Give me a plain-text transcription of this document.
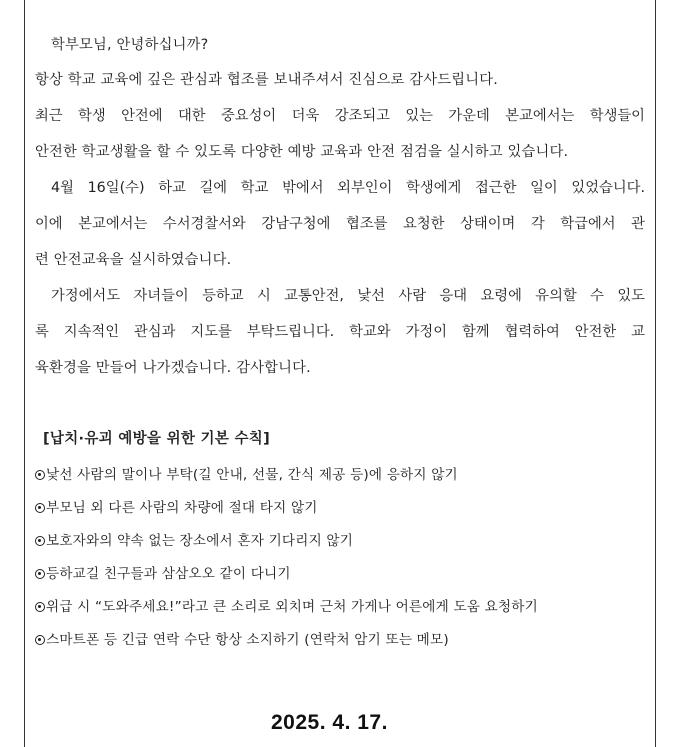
학부모님, 안녕하십니까?
항상 학교 교육에 깊은 관심과 협조를 보내주셔서 진심으로 감사드립니다.
최근 학생 안전에 대한 중요성이 더욱 강조되고 있는 가운데 본교에서는 학생들이
안전한 학교생활을 할 수 있도록 다양한 예방 교육과 안전 점검을 실시하고 있습니다.
4월 16일(수) 하교 길에 학교 밖에서 외부인이 학생에게 접근한 일이 있었습니다.
이에 본교에서는 수서경찰서와 강남구청에 협조를 요청한 상태이며 각 학급에서 관
련 안전교육을 실시하였습니다.
가정에서도 자녀들이 등하교 시 교통안전, 낯선 사람 응대 요령에 유의할 수 있도
록 지속적인 관심과 지도를 부탁드립니다. 학교와 가정이 함께 협력하여 안전한 교
육환경을 만들어 나가겠습니다. 감사합니다.
[납치·유괴 예방을 위한 기본 수칙]
낯선 사람의 말이나 부탁(길 안내, 선물, 간식 제공 등)에 응하지 않기
부모님 외 다른 사람의 차량에 절대 타지 않기
보호자와의 약속 없는 장소에서 혼자 기다리지 않기
등하교길 친구들과 삼삼오오 같이 다니기
위급 시 “도와주세요!”라고 큰 소리로 외치며 근처 가게나 어른에게 도움 요청하기
스마트폰 등 긴급 연락 수단 항상 소지하기 (연락처 암기 또는 메모)
2025. 4. 17.
